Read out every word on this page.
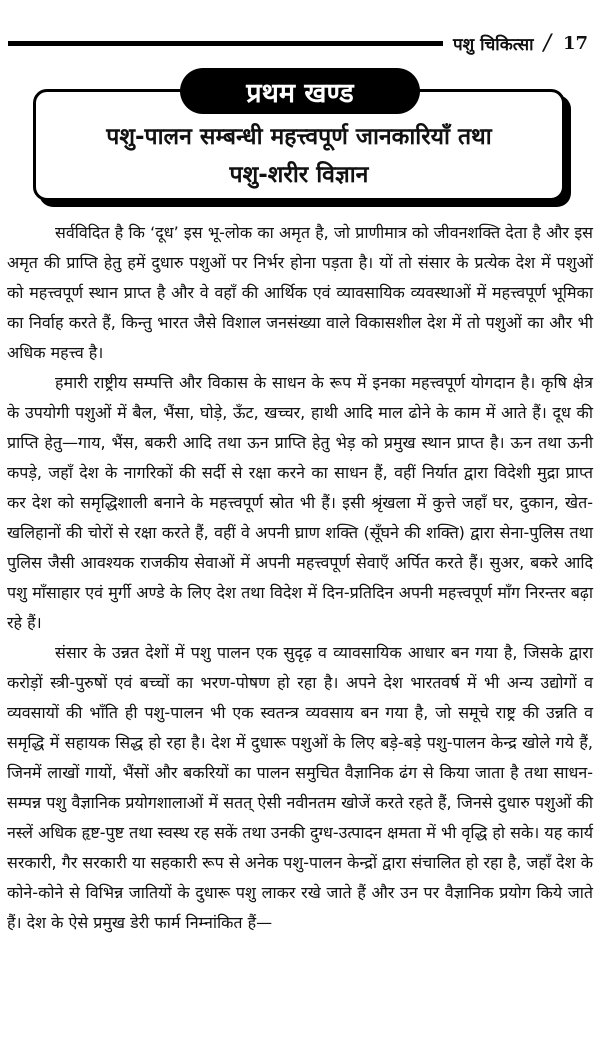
पशु चिकित्सा / 17
प्रथम खण्ड
पशु-पालन सम्बन्धी महत्त्वपूर्ण जानकारियाँ तथा
पशु-शरीर विज्ञान

सर्वविदित है कि ‘दूध’ इस भू-लोक का अमृत है, जो प्राणीमात्र को जीवनशक्ति देता है और इस अमृत की प्राप्ति हेतु हमें दुधारु पशुओं पर निर्भर होना पड़ता है। यों तो संसार के प्रत्येक देश में पशुओं को महत्त्वपूर्ण स्थान प्राप्त है और वे वहाँ की आर्थिक एवं व्यावसायिक व्यवस्थाओं में महत्त्वपूर्ण भूमिका का निर्वाह करते हैं, किन्तु भारत जैसे विशाल जनसंख्या वाले विकासशील देश में तो पशुओं का और भी अधिक महत्त्व है।

हमारी राष्ट्रीय सम्पत्ति और विकास के साधन के रूप में इनका महत्त्वपूर्ण योगदान है। कृषि क्षेत्र के उपयोगी पशुओं में बैल, भैंसा, घोड़े, ऊँट, खच्चर, हाथी आदि माल ढोने के काम में आते हैं। दूध की प्राप्ति हेतु—गाय, भैंस, बकरी आदि तथा ऊन प्राप्ति हेतु भेड़ को प्रमुख स्थान प्राप्त है। ऊन तथा ऊनी कपड़े, जहाँ देश के नागरिकों की सर्दी से रक्षा करने का साधन हैं, वहीं निर्यात द्वारा विदेशी मुद्रा प्राप्त कर देश को समृद्धिशाली बनाने के महत्त्वपूर्ण स्रोत भी हैं। इसी श्रृंखला में कुत्ते जहाँ घर, दुकान, खेत-खलिहानों की चोरों से रक्षा करते हैं, वहीं वे अपनी घ्राण शक्ति (सूँघने की शक्ति) द्वारा सेना-पुलिस तथा पुलिस जैसी आवश्यक राजकीय सेवाओं में अपनी महत्त्वपूर्ण सेवाएँ अर्पित करते हैं। सुअर, बकरे आदि पशु माँसाहार एवं मुर्गी अण्डे के लिए देश तथा विदेश में दिन-प्रतिदिन अपनी महत्त्वपूर्ण माँग निरन्तर बढ़ा रहे हैं।

संसार के उन्नत देशों में पशु पालन एक सुदृढ़ व व्यावसायिक आधार बन गया है, जिसके द्वारा करोड़ों स्त्री-पुरुषों एवं बच्चों का भरण-पोषण हो रहा है। अपने देश भारतवर्ष में भी अन्य उद्योगों व व्यवसायों की भाँति ही पशु-पालन भी एक स्वतन्त्र व्यवसाय बन गया है, जो समूचे राष्ट्र की उन्नति व समृद्धि में सहायक सिद्ध हो रहा है। देश में दुधारू पशुओं के लिए बड़े-बड़े पशु-पालन केन्द्र खोले गये हैं, जिनमें लाखों गायों, भैंसों और बकरियों का पालन समुचित वैज्ञानिक ढंग से किया जाता है तथा साधन-सम्पन्न पशु वैज्ञानिक प्रयोगशालाओं में सतत् ऐसी नवीनतम खोजें करते रहते हैं, जिनसे दुधारु पशुओं की नस्लें अधिक हृष्ट-पुष्ट तथा स्वस्थ रह सकें तथा उनकी दुग्ध-उत्पादन क्षमता में भी वृद्धि हो सके। यह कार्य सरकारी, गैर सरकारी या सहकारी रूप से अनेक पशु-पालन केन्द्रों द्वारा संचालित हो रहा है, जहाँ देश के कोने-कोने से विभिन्न जातियों के दुधारू पशु लाकर रखे जाते हैं और उन पर वैज्ञानिक प्रयोग किये जाते हैं। देश के ऐसे प्रमुख डेरी फार्म निम्नांकित हैं—
